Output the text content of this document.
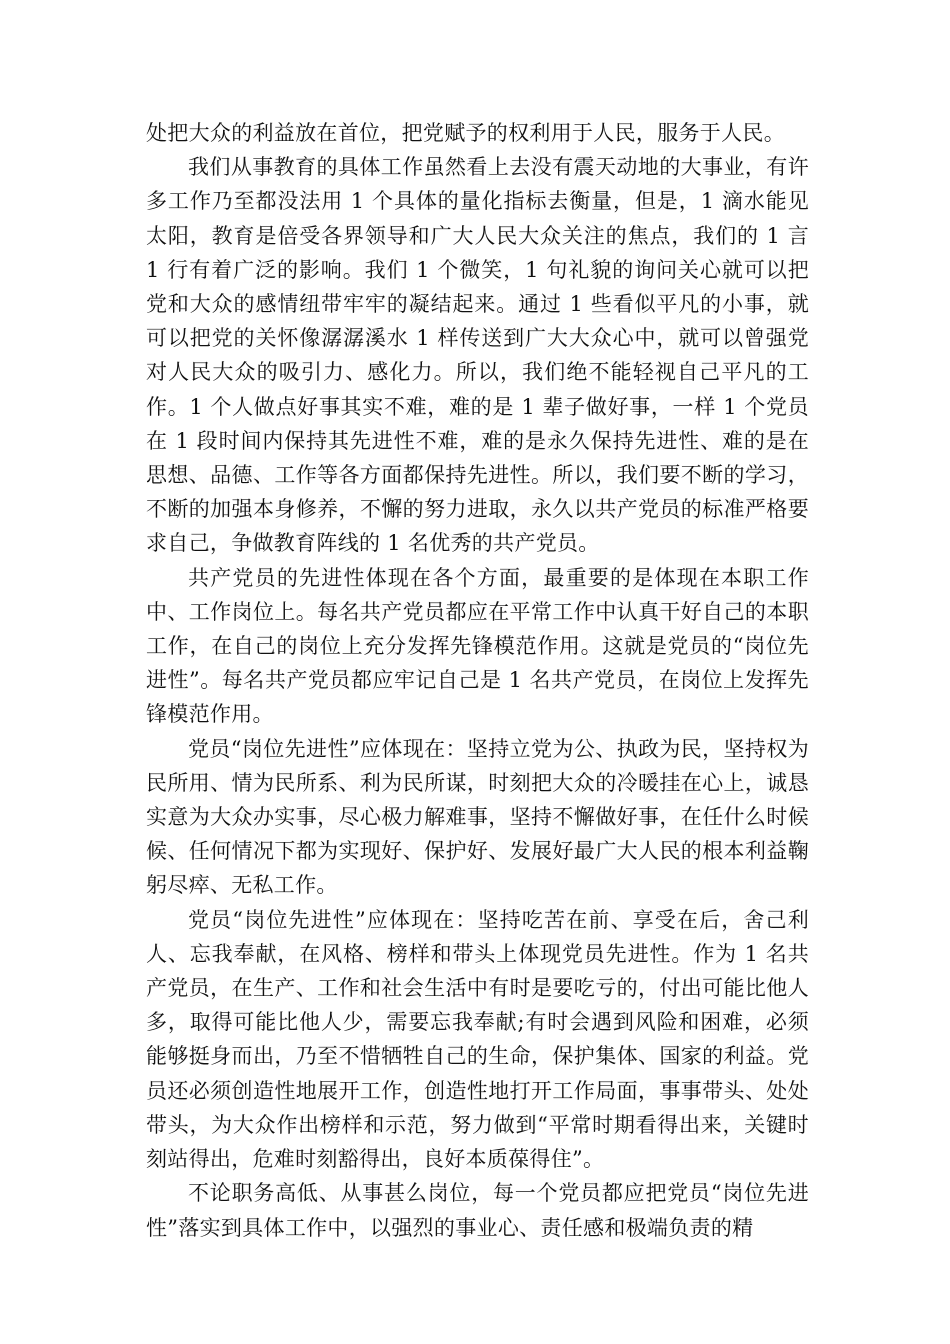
处把大众的利益放在首位，把党赋予的权利用于人民，服务于人民。

我们从事教育的具体工作虽然看上去没有震天动地的大事业，有许多工作乃至都没法用 1 个具体的量化指标去衡量，但是，1 滴水能见太阳，教育是倍受各界领导和广大人民大众关注的焦点，我们的 1 言 1 行有着广泛的影响。我们 1 个微笑，1 句礼貌的询问关心就可以把党和大众的感情纽带牢牢的凝结起来。通过 1 些看似平凡的小事，就可以把党的关怀像潺潺溪水 1 样传送到广大大众心中，就可以曾强党对人民大众的吸引力、感化力。所以，我们绝不能轻视自己平凡的工作。1 个人做点好事其实不难，难的是 1 辈子做好事，一样 1 个党员在 1 段时间内保持其先进性不难，难的是永久保持先进性、难的是在思想、品德、工作等各方面都保持先进性。所以，我们要不断的学习，不断的加强本身修养，不懈的努力进取，永久以共产党员的标准严格要求自己，争做教育阵线的 1 名优秀的共产党员。

共产党员的先进性体现在各个方面，最重要的是体现在本职工作中、工作岗位上。每名共产党员都应在平常工作中认真干好自己的本职工作，在自己的岗位上充分发挥先锋模范作用。这就是党员的“岗位先进性”。每名共产党员都应牢记自己是 1 名共产党员，在岗位上发挥先锋模范作用。

党员“岗位先进性”应体现在：坚持立党为公、执政为民，坚持权为民所用、情为民所系、利为民所谋，时刻把大众的冷暖挂在心上，诚恳实意为大众办实事，尽心极力解难事，坚持不懈做好事，在任什么时候候、任何情况下都为实现好、保护好、发展好最广大人民的根本利益鞠躬尽瘁、无私工作。

党员“岗位先进性”应体现在：坚持吃苦在前、享受在后，舍己利人、忘我奉献，在风格、榜样和带头上体现党员先进性。作为 1 名共产党员，在生产、工作和社会生活中有时是要吃亏的，付出可能比他人多，取得可能比他人少，需要忘我奉献;有时会遇到风险和困难，必须能够挺身而出，乃至不惜牺牲自己的生命，保护集体、国家的利益。党员还必须创造性地展开工作，创造性地打开工作局面，事事带头、处处带头，为大众作出榜样和示范，努力做到“平常时期看得出来，关键时刻站得出，危难时刻豁得出，良好本质葆得住”。

不论职务高低、从事甚么岗位，每一个党员都应把党员“岗位先进性”落实到具体工作中，以强烈的事业心、责任感和极端负责的精
